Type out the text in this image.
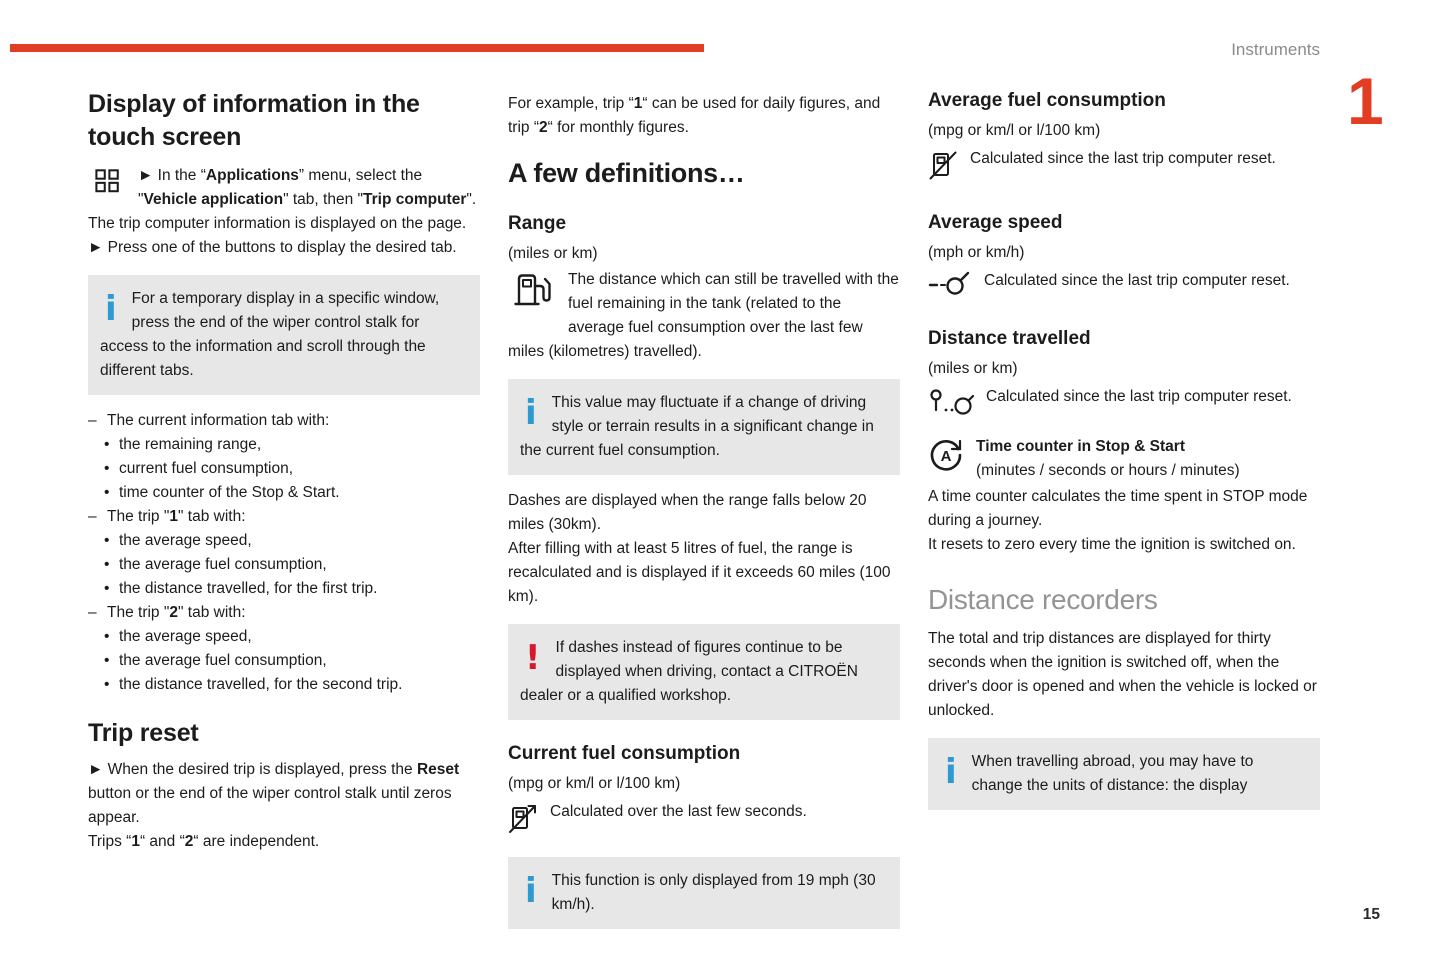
Instruments
1
Display of information in the touch screen

► In the “Applications” menu, select the "Vehicle application" tab, then "Trip computer".

The trip computer information is displayed on the page.

► Press one of the buttons to display the desired tab.

i For a temporary display in a specific window, press the end of the wiper control stalk for access to the information and scroll through the different tabs.

– The current information tab with:

• the remaining range,

• current fuel consumption,

• time counter of the Stop & Start.

– The trip "1" tab with:

• the average speed,

• the average fuel consumption,

• the distance travelled, for the first trip.

– The trip "2" tab with:

• the average speed,

• the average fuel consumption,

• the distance travelled, for the second trip.

Trip reset

► When the desired trip is displayed, press the Reset button or the end of the wiper control stalk until zeros appear.

Trips “1“ and “2“ are independent.

For example, trip “1“ can be used for daily figures, and trip “2“ for monthly figures.

A few definitions…
Range

(miles or km)

The distance which can still be travelled with the fuel remaining in the tank (related to the average fuel consumption over the last few miles (kilometres) travelled).

i This value may fluctuate if a change of driving style or terrain results in a significant change in the current fuel consumption.

Dashes are displayed when the range falls below 20 miles (30km).

After filling with at least 5 litres of fuel, the range is recalculated and is displayed if it exceeds 60 miles (100 km).

! If dashes instead of figures continue to be displayed when driving, contact a CITROËN dealer or a qualified workshop.

Current fuel consumption

(mpg or km/l or l/100 km)

Calculated over the last few seconds.

i This function is only displayed from 19 mph (30 km/h).

Average fuel consumption

(mpg or km/l or l/100 km)

Calculated since the last trip computer reset.

Average speed

(mph or km/h)

Calculated since the last trip computer reset.

Distance travelled

(miles or km)

Calculated since the last trip computer reset.

A

Time counter in Stop & Start

(minutes / seconds or hours / minutes)

A time counter calculates the time spent in STOP mode during a journey.

It resets to zero every time the ignition is switched on.

Distance recorders

The total and trip distances are displayed for thirty seconds when the ignition is switched off, when the driver's door is opened and when the vehicle is locked or unlocked.

i When travelling abroad, you may have to change the units of distance: the display

15
